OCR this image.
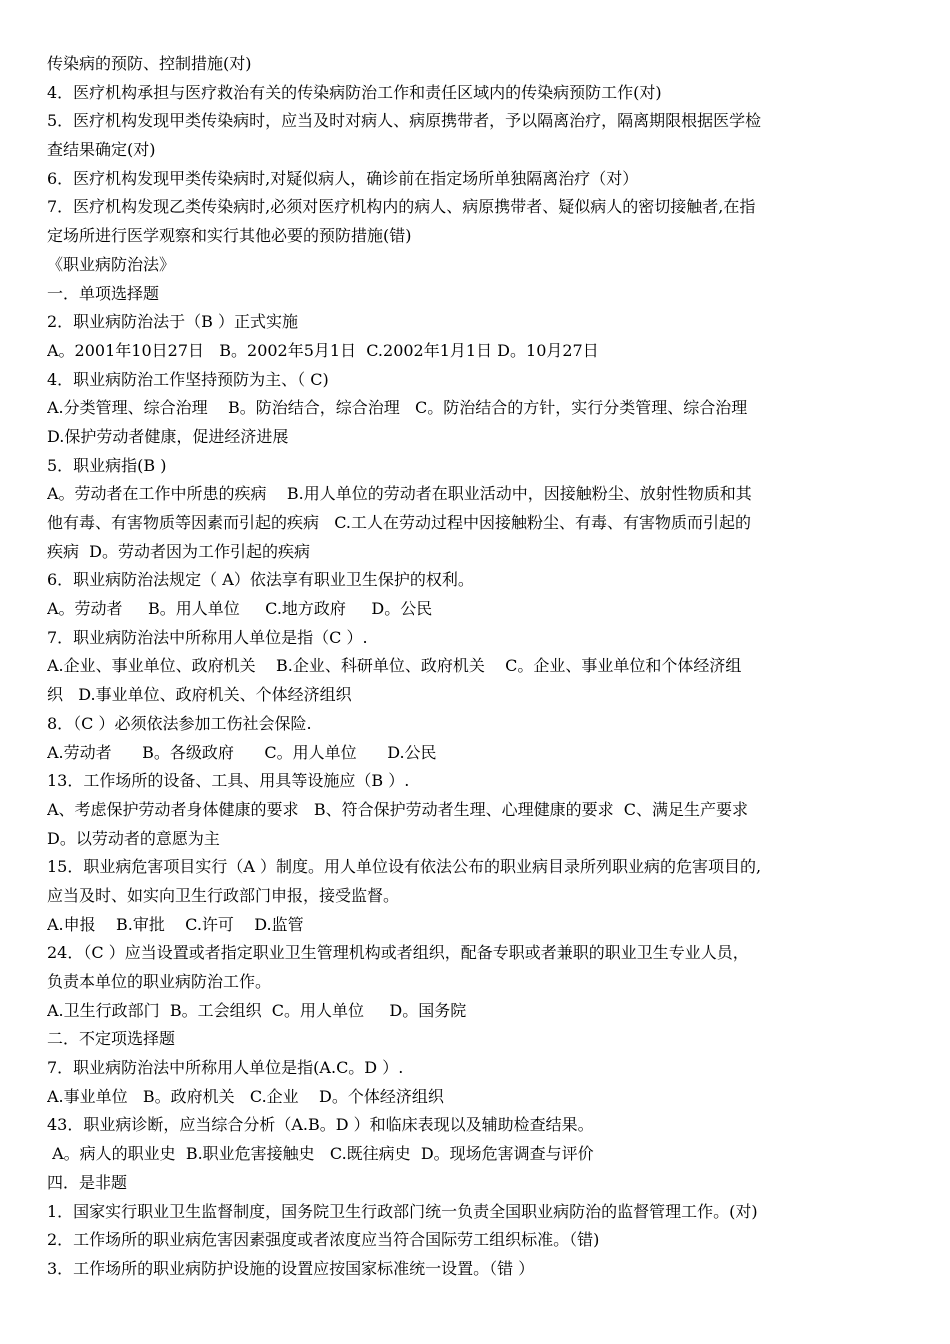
传染病的预防、控制措施(对)
4．医疗机构承担与医疗救治有关的传染病防治工作和责任区域内的传染病预防工作(对)
5．医疗机构发现甲类传染病时，应当及时对病人、病原携带者，予以隔离治疗，隔离期限根据医学检
查结果确定(对)
6．医疗机构发现甲类传染病时,对疑似病人，确诊前在指定场所单独隔离治疗（对）
7．医疗机构发现乙类传染病时,必须对医疗机构内的病人、病原携带者、疑似病人的密切接触者,在指
定场所进行医学观察和实行其他必要的预防措施(错)
《职业病防治法》
一．单项选择题
2．职业病防治法于（B ）正式实施
A。2001年10日27日   B。2002年5月1日  C.2002年1月1日 D。10月27日
4．职业病防治工作坚持预防为主、（ C)
A.分类管理、综合治理    B。防治结合，综合治理   C。防治结合的方针，实行分类管理、综合治理
D.保护劳动者健康，促进经济进展
5．职业病指(B )
A。劳动者在工作中所患的疾病    B.用人单位的劳动者在职业活动中，因接触粉尘、放射性物质和其
他有毒、有害物质等因素而引起的疾病   C.工人在劳动过程中因接触粉尘、有毒、有害物质而引起的
疾病  D。劳动者因为工作引起的疾病
6．职业病防治法规定（ A）依法享有职业卫生保护的权利。
A。劳动者     B。用人单位     C.地方政府     D。公民
7．职业病防治法中所称用人单位是指（C ）.
A.企业、事业单位、政府机关    B.企业、科研单位、政府机关    C。企业、事业单位和个体经济组
织   D.事业单位、政府机关、个体经济组织
8．（C ）必须依法参加工伤社会保险.
A.劳动者      B。各级政府      C。用人单位      D.公民
13．工作场所的设备、工具、用具等设施应（B ）.
A、考虑保护劳动者身体健康的要求   B、符合保护劳动者生理、心理健康的要求  C、满足生产要求
D。以劳动者的意愿为主
15．职业病危害项目实行（A ）制度。用人单位设有依法公布的职业病目录所列职业病的危害项目的,
应当及时、如实向卫生行政部门申报，接受监督。
A.申报    B.审批    C.许可    D.监管
24．（C ）应当设置或者指定职业卫生管理机构或者组织，配备专职或者兼职的职业卫生专业人员，
负责本单位的职业病防治工作。
A.卫生行政部门  B。工会组织  C。用人单位     D。国务院
二．不定项选择题
7．职业病防治法中所称用人单位是指(A.C。D ）.
A.事业单位   B。政府机关   C.企业    D。个体经济组织
43．职业病诊断，应当综合分析（A.B。D ）和临床表现以及辅助检查结果。
A。病人的职业史  B.职业危害接触史   C.既往病史  D。现场危害调查与评价
四．是非题
1．国家实行职业卫生监督制度，国务院卫生行政部门统一负责全国职业病防治的监督管理工作。(对)
2．工作场所的职业病危害因素强度或者浓度应当符合国际劳工组织标准。（错)
3．工作场所的职业病防护设施的设置应按国家标准统一设置。（错 ）
